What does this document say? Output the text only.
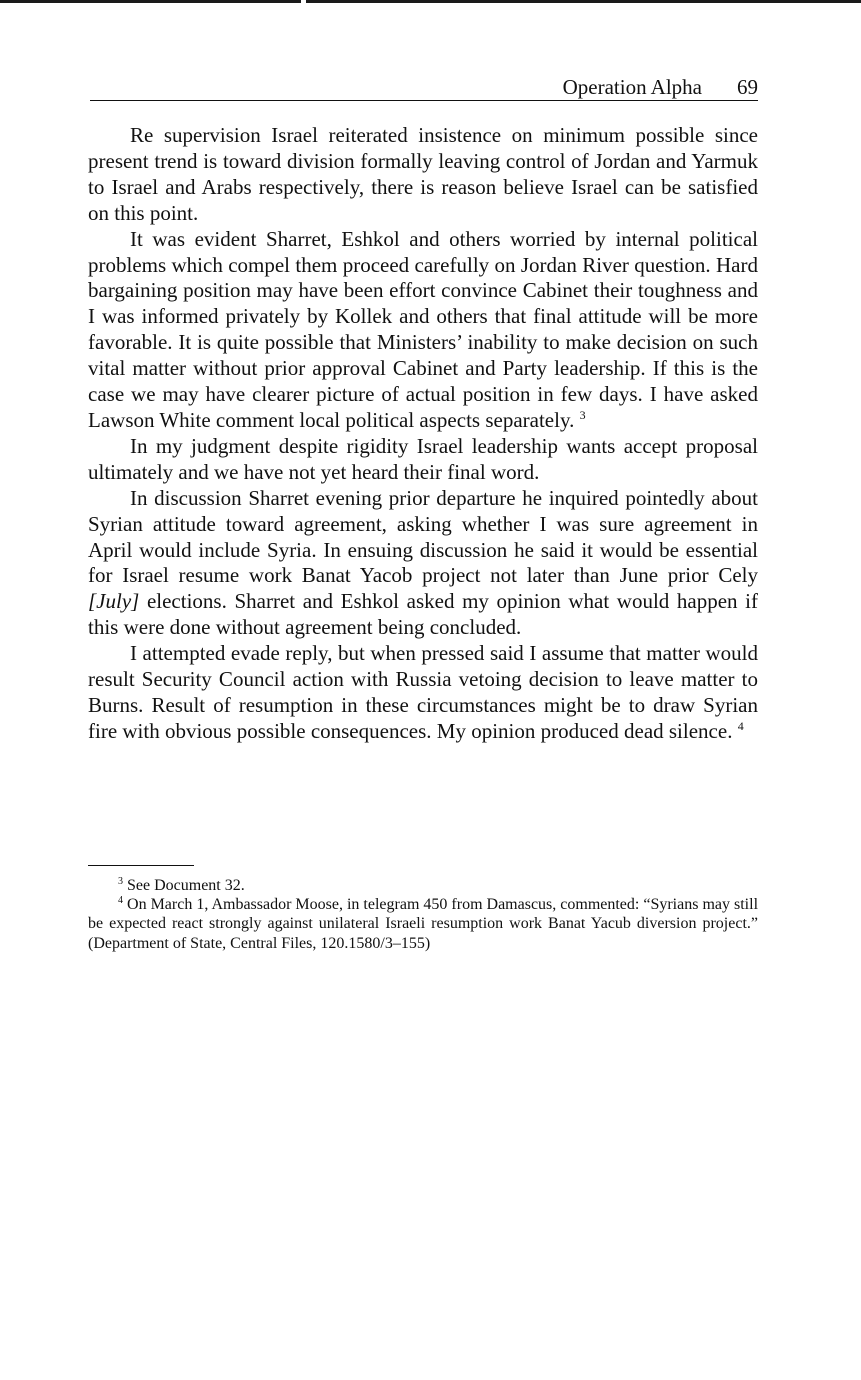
Operation Alpha 69

Re supervision Israel reiterated insistence on minimum possible since present trend is toward division formally leaving control of Jordan and Yarmuk to Israel and Arabs respectively, there is reason believe Israel can be satisfied on this point.

It was evident Sharret, Eshkol and others worried by internal political problems which compel them proceed carefully on Jordan River question. Hard bargaining position may have been effort convince Cabinet their toughness and I was informed privately by Kollek and others that final attitude will be more favorable. It is quite possible that Ministers’ inability to make decision on such vital matter without prior approval Cabinet and Party leadership. If this is the case we may have clearer picture of actual position in few days. I have asked Lawson White comment local political aspects separately. $^3$

In my judgment despite rigidity Israel leadership wants accept proposal ultimately and we have not yet heard their final word.

In discussion Sharret evening prior departure he inquired pointedly about Syrian attitude toward agreement, asking whether I was sure agreement in April would include Syria. In ensuing discussion he said it would be essential for Israel resume work Banat Yacob project not later than June prior Cely [July] elections. Sharret and Eshkol asked my opinion what would happen if this were done without agreement being concluded.

I attempted evade reply, but when pressed said I assume that matter would result Security Council action with Russia vetoing decision to leave matter to Burns. Result of resumption in these circumstances might be to draw Syrian fire with obvious possible consequences. My opinion produced dead silence. $^4$

$^3$ See Document 32.

$^4$ On March 1, Ambassador Moose, in telegram 450 from Damascus, commented: “Syrians may still be expected react strongly against unilateral Israeli resumption work Banat Yacub diversion project.” (Department of State, Central Files, 120.1580/3–155)
